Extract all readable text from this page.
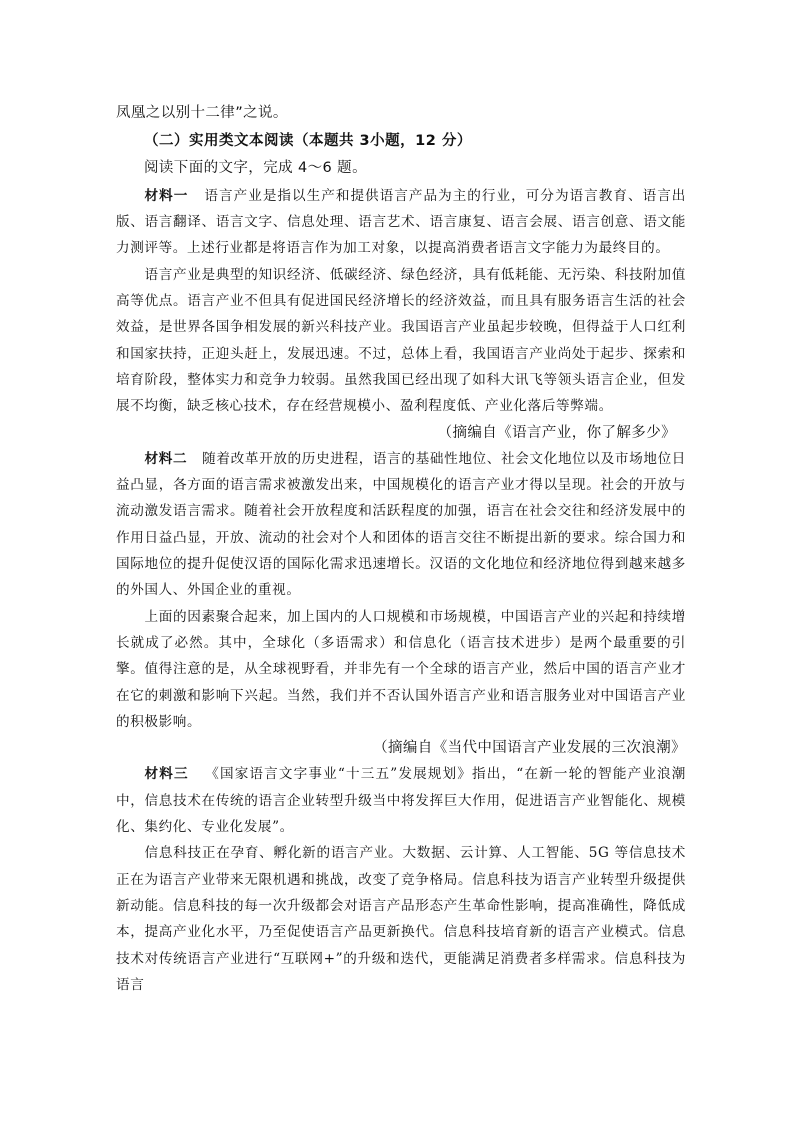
凤凰之以别十二律”之说。

（二）实用类文本阅读（本题共 3小题，12 分）

阅读下面的文字，完成 4～6 题。

材料一 语言产业是指以生产和提供语言产品为主的行业，可分为语言教育、语言出版、语言翻译、语言文字、信息处理、语言艺术、语言康复、语言会展、语言创意、语文能力测评等。上述行业都是将语言作为加工对象，以提高消费者语言文字能力为最终目的。

语言产业是典型的知识经济、低碳经济、绿色经济，具有低耗能、无污染、科技附加值高等优点。语言产业不但具有促进国民经济增长的经济效益，而且具有服务语言生活的社会效益，是世界各国争相发展的新兴科技产业。我国语言产业虽起步较晚，但得益于人口红利和国家扶持，正迎头赶上，发展迅速。不过，总体上看，我国语言产业尚处于起步、探索和培育阶段，整体实力和竞争力较弱。虽然我国已经出现了如科大讯飞等领头语言企业，但发展不均衡，缺乏核心技术，存在经营规模小、盈利程度低、产业化落后等弊端。

（摘编自《语言产业，你了解多少》

材料二 随着改革开放的历史进程，语言的基础性地位、社会文化地位以及市场地位日益凸显，各方面的语言需求被激发出来，中国规模化的语言产业才得以呈现。社会的开放与流动激发语言需求。随着社会开放程度和活跃程度的加强，语言在社会交往和经济发展中的作用日益凸显，开放、流动的社会对个人和团体的语言交往不断提出新的要求。综合国力和国际地位的提升促使汉语的国际化需求迅速增长。汉语的文化地位和经济地位得到越来越多的外国人、外国企业的重视。

上面的因素聚合起来，加上国内的人口规模和市场规模，中国语言产业的兴起和持续增长就成了必然。其中，全球化（多语需求）和信息化（语言技术进步）是两个最重要的引擎。值得注意的是，从全球视野看，并非先有一个全球的语言产业，然后中国的语言产业才在它的刺激和影响下兴起。当然，我们并不否认国外语言产业和语言服务业对中国语言产业的积极影响。

（摘编自《当代中国语言产业发展的三次浪潮》

材料三 《国家语言文字事业“十三五”发展规划》指出，“在新一轮的智能产业浪潮中，信息技术在传统的语言企业转型升级当中将发挥巨大作用，促进语言产业智能化、规模化、集约化、专业化发展”。

信息科技正在孕育、孵化新的语言产业。大数据、云计算、人工智能、5G 等信息技术正在为语言产业带来无限机遇和挑战，改变了竞争格局。信息科技为语言产业转型升级提供新动能。信息科技的每一次升级都会对语言产品形态产生革命性影响，提高准确性，降低成本，提高产业化水平，乃至促使语言产品更新换代。信息科技培育新的语言产业模式。信息技术对传统语言产业进行“互联网+”的升级和迭代，更能满足消费者多样需求。信息科技为语言
